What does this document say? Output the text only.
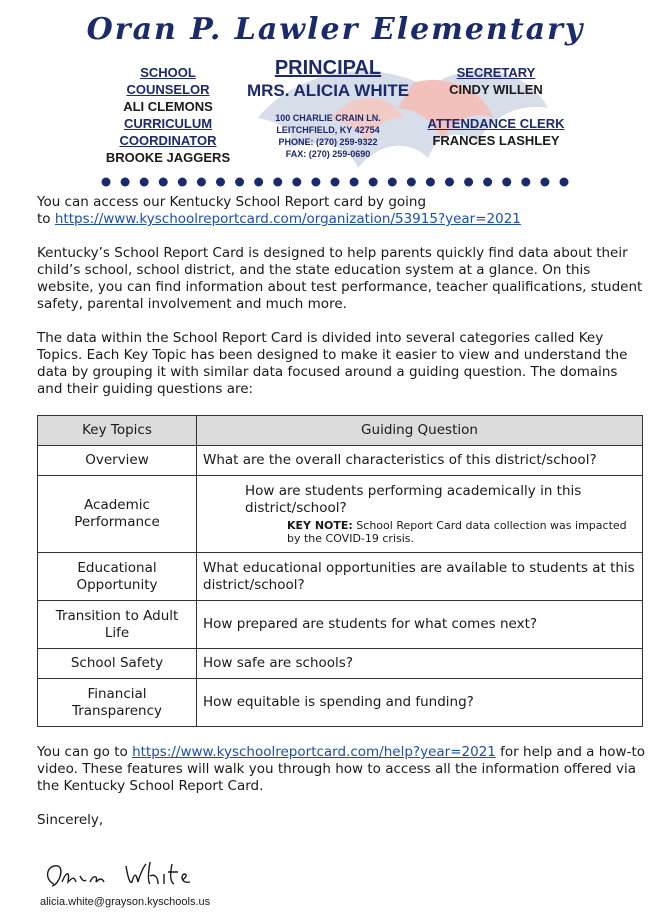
Oran P. Lawler Elementary
SCHOOL COUNSELOR
ALI CLEMONS
PRINCIPAL
MRS. ALICIA WHITE
SECRETARY
CINDY WILLEN
CURRICULUM
COORDINATOR
BROOKE JAGGERS
100 CHARLIE CRAIN LN.
LEITCHFIELD, KY 42754
PHONE: (270) 259-9322
FAX: (270) 259-0690
ATTENDANCE CLERK
FRANCES LASHLEY

You can access our Kentucky School Report card by going
to https://www.kyschoolreportcard.com/organization/53915?year=2021

Kentucky’s School Report Card is designed to help parents quickly find data about their child’s school, school district, and the state education system at a glance. On this website, you can find information about test performance, teacher qualifications, student safety, parental involvement and much more.

The data within the School Report Card is divided into several categories called Key Topics. Each Key Topic has been designed to make it easier to view and understand the data by grouping it with similar data focused around a guiding question. The domains and their guiding questions are:

Key Topics	Guiding Question
Overview	What are the overall characteristics of this district/school?
Academic Performance	How are students performing academically in this district/school?
KEY NOTE: School Report Card data collection was impacted by the COVID-19 crisis.

Educational Opportunity	What educational opportunities are available to students at this district/school?
Transition to Adult Life	How prepared are students for what comes next?
School Safety	How safe are schools?
Financial Transparency	How equitable is spending and funding?

You can go to https://www.kyschoolreportcard.com/help?year=2021 for help and a how-to video. These features will walk you through how to access all the information offered via the Kentucky School Report Card.

Sincerely,

alicia.white@grayson.kyschools.us
